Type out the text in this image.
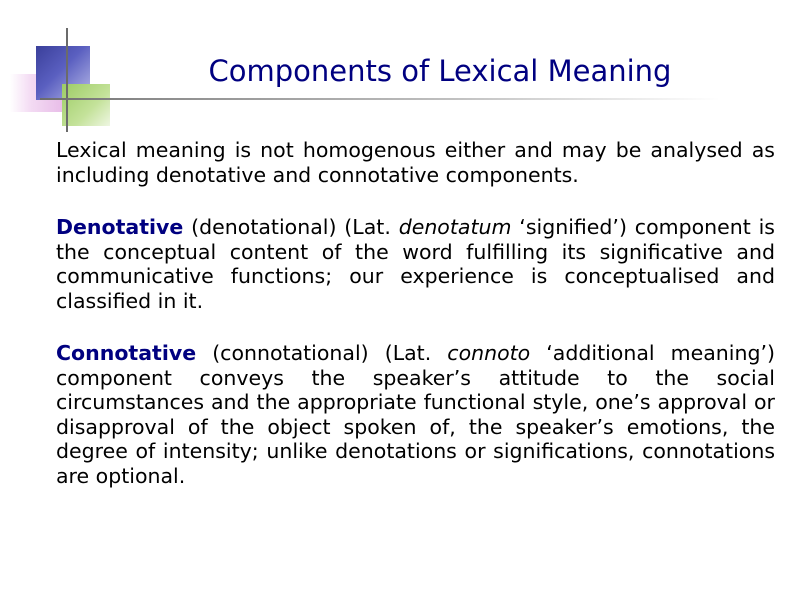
Components of Lexical Meaning

Lexical meaning is not homogenous either and may be analysed as including denotative and connotative components.

Denotative (denotational) (Lat. denotatum ‘signified’) component is the conceptual content of the word fulfilling its significative and communicative functions; our experience is conceptualised and classified in it.

Connotative (connotational) (Lat. connoto ‘additional meaning’) component conveys the speaker’s attitude to the social circumstances and the appropriate functional style, one’s approval or disapproval of the object spoken of, the speaker’s emotions, the degree of intensity; unlike denotations or significations, connotations are optional.
